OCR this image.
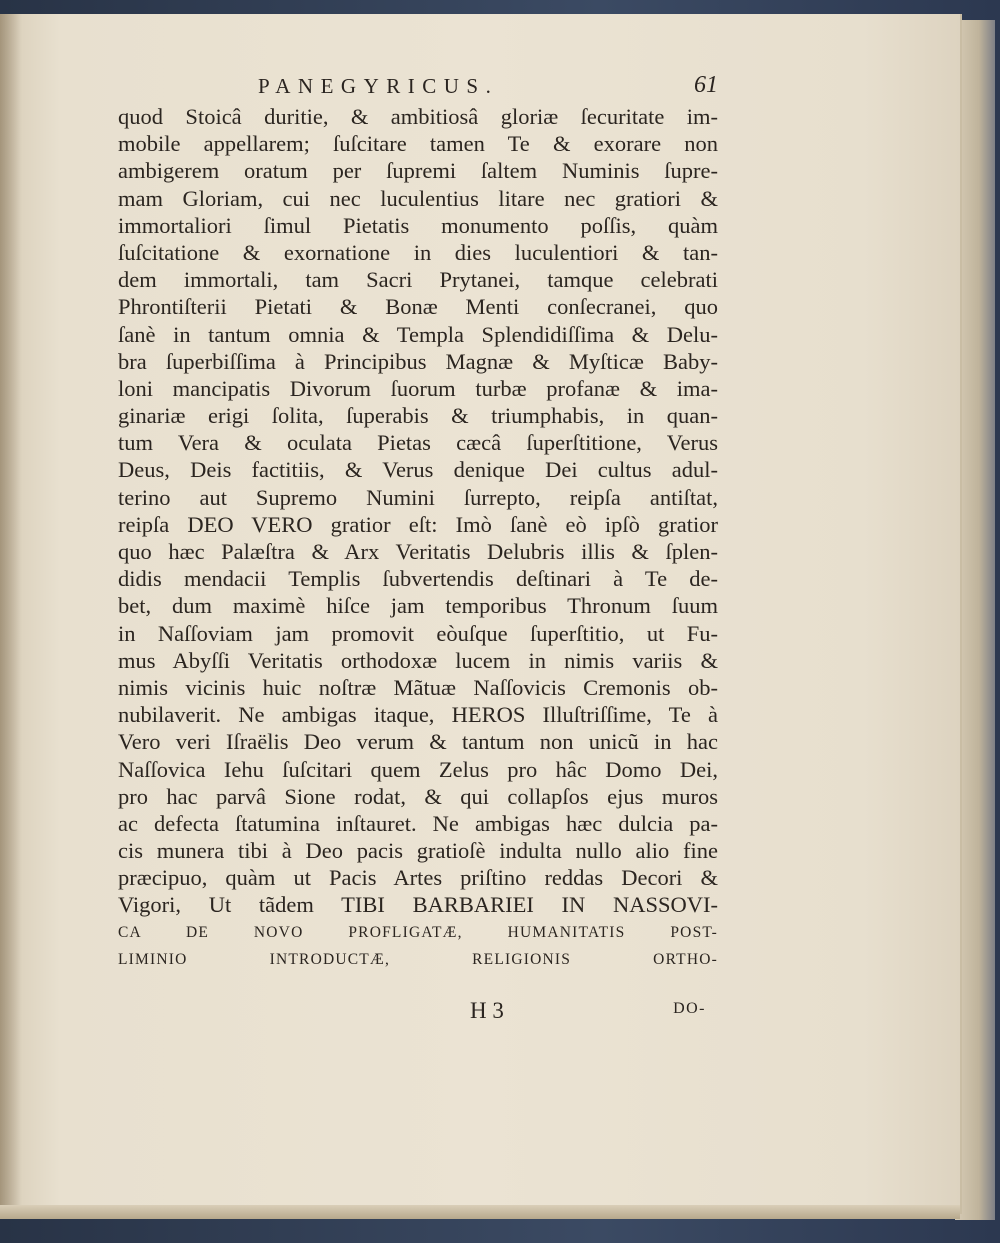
PANEGYRICUS.	61
quod Stoicâ duritie, & ambitiosâ gloriæ ſecuritate im-
mobile appellarem; ſuſcitare tamen Te & exorare non
ambigerem oratum per ſupremi ſaltem Numinis ſupre-
mam Gloriam, cui nec luculentius litare nec gratiori &
immortaliori ſimul Pietatis monumento poſſis, quàm
ſuſcitatione & exornatione in dies luculentiori & tan-
dem immortali, tam Sacri Prytanei, tamque celebrati
Phrontiſterii Pietati & Bonæ Menti conſecranei, quo
ſanè in tantum omnia & Templa Splendidiſſima & Delu-
bra ſuperbiſſima à Principibus Magnæ & Myſticæ Baby-
loni mancipatis Divorum ſuorum turbæ profanæ & ima-
ginariæ erigi ſolita, ſuperabis & triumphabis, in quan-
tum Vera & oculata Pietas cæcâ ſuperſtitione, Verus
Deus, Deis factitiis, & Verus denique Dei cultus adul-
terino aut Supremo Numini ſurrepto, reipſa antiſtat,
reipſa DEO VERO gratior eſt: Imò ſanè eò ipſò gratior
quo hæc Palæſtra & Arx Veritatis Delubris illis & ſplen-
didis mendacii Templis ſubvertendis deſtinari à Te de-
bet, dum maximè hiſce jam temporibus Thronum ſuum
in Naſſoviam jam promovit eòuſque ſuperſtitio, ut Fu-
mus Abyſſi Veritatis orthodoxæ lucem in nimis variis &
nimis vicinis huic noſtræ Mãtuæ Naſſovicis Cremonis ob-
nubilaverit. Ne ambigas itaque, HEROS Illuſtriſſime, Te à
Vero veri Iſraëlis Deo verum & tantum non unicũ in hac
Naſſovica Iehu ſuſcitari quem Zelus pro hâc Domo Dei,
pro hac parvâ Sione rodat, & qui collapſos ejus muros
ac defecta ſtatumina inſtauret. Ne ambigas hæc dulcia pa-
cis munera tibi à Deo pacis gratioſè indulta nullo alio fine
præcipuo, quàm ut Pacis Artes priſtino reddas Decori &
Vigori, Ut tãdem TIBI BARBARIEI IN NASSOVI-
CA DE NOVO PROFLIGATÆ, HUMANITATIS POST-
LIMINIO INTRODUCTÆ, RELIGIONIS ORTHO-
H 3	DO-
